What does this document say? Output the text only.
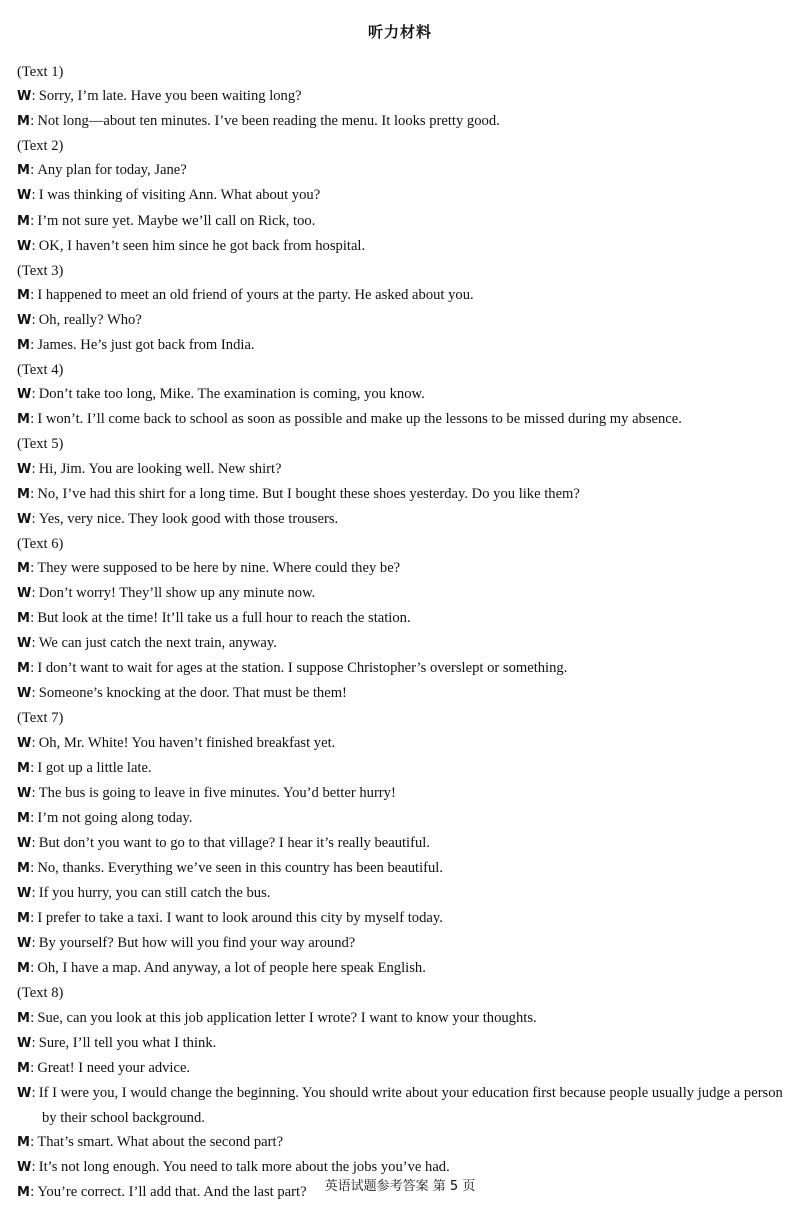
听力材料
(Text 1)
W: Sorry, I’m late. Have you been waiting long?
M: Not long—about ten minutes. I’ve been reading the menu. It looks pretty good.
(Text 2)
M: Any plan for today, Jane?
W: I was thinking of visiting Ann. What about you?
M: I’m not sure yet. Maybe we’ll call on Rick, too.
W: OK, I haven’t seen him since he got back from hospital.
(Text 3)
M: I happened to meet an old friend of yours at the party. He asked about you.
W: Oh, really? Who?
M: James. He’s just got back from India.
(Text 4)
W: Don’t take too long, Mike. The examination is coming, you know.
M: I won’t. I’ll come back to school as soon as possible and make up the lessons to be missed during my absence.
(Text 5)
W: Hi, Jim. You are looking well. New shirt?
M: No, I’ve had this shirt for a long time. But I bought these shoes yesterday. Do you like them?
W: Yes, very nice. They look good with those trousers.
(Text 6)
M: They were supposed to be here by nine. Where could they be?
W: Don’t worry! They’ll show up any minute now.
M: But look at the time! It’ll take us a full hour to reach the station.
W: We can just catch the next train, anyway.
M: I don’t want to wait for ages at the station. I suppose Christopher’s overslept or something.
W: Someone’s knocking at the door. That must be them!
(Text 7)
W: Oh, Mr. White! You haven’t finished breakfast yet.
M: I got up a little late.
W: The bus is going to leave in five minutes. You’d better hurry!
M: I’m not going along today.
W: But don’t you want to go to that village? I hear it’s really beautiful.
M: No, thanks. Everything we’ve seen in this country has been beautiful.
W: If you hurry, you can still catch the bus.
M: I prefer to take a taxi. I want to look around this city by myself today.
W: By yourself? But how will you find your way around?
M: Oh, I have a map. And anyway, a lot of people here speak English.
(Text 8)
M: Sue, can you look at this job application letter I wrote? I want to know your thoughts.
W: Sure, I’ll tell you what I think.
M: Great! I need your advice.
W: If I were you, I would change the beginning. You should write about your education first because people usually judge a person by their school background.
M: That’s smart. What about the second part?
W: It’s not long enough. You need to talk more about the jobs you’ve had.
M: You’re correct. I’ll add that. And the last part?	英语试题参考答案 第 5 页
